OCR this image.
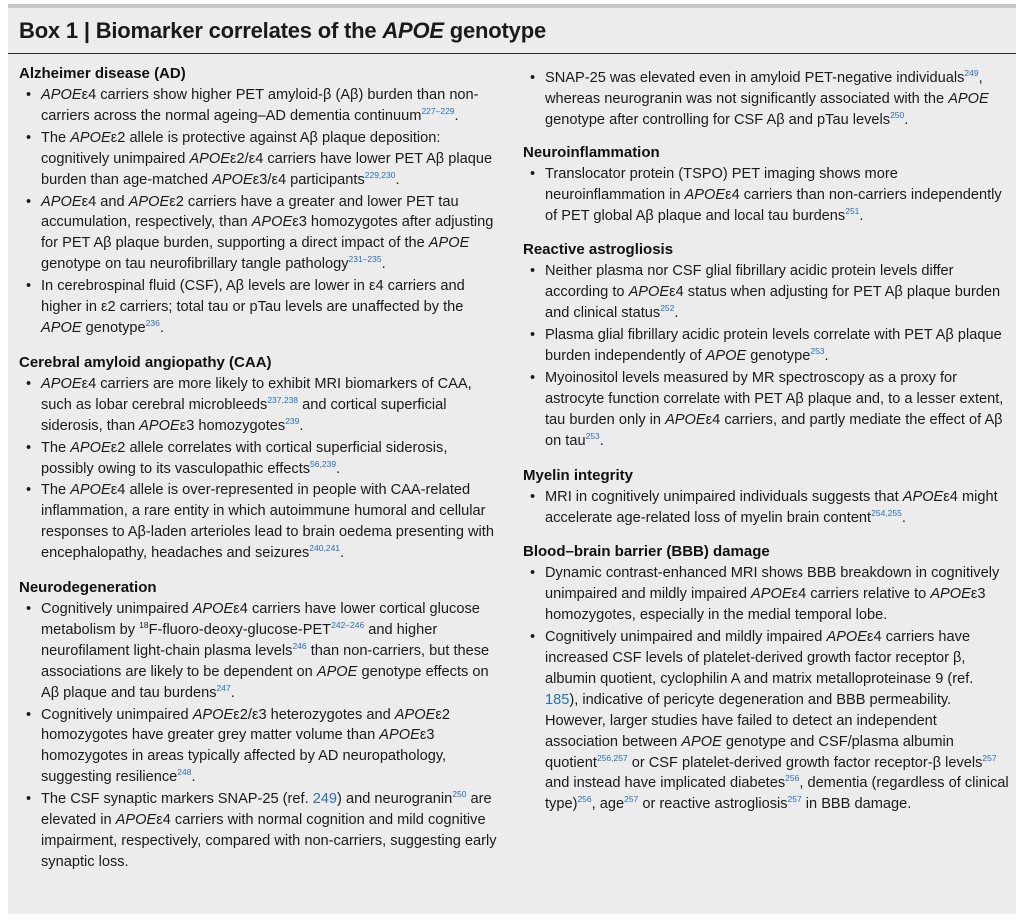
Box 1 | Biomarker correlates of the APOE genotype
Alzheimer disease (AD)
• APOEε4 carriers show higher PET amyloid-β (Aβ) burden than non-carriers across the normal ageing–AD dementia continuum$^{227-229}$.
• The APOEε2 allele is protective against Aβ plaque deposition: cognitively unimpaired APOEε2/ε4 carriers have lower PET Aβ plaque burden than age-matched APOEε3/ε4 participants$^{229,230}$.
• APOEε4 and APOEε2 carriers have a greater and lower PET tau accumulation, respectively, than APOEε3 homozygotes after adjusting for PET Aβ plaque burden, supporting a direct impact of the APOE genotype on tau neurofibrillary tangle pathology$^{231-235}$.
• In cerebrospinal fluid (CSF), Aβ levels are lower in ε4 carriers and higher in ε2 carriers; total tau or pTau levels are unaffected by the APOE genotype$^{236}$.
Cerebral amyloid angiopathy (CAA)
• APOEε4 carriers are more likely to exhibit MRI biomarkers of CAA, such as lobar cerebral microbleeds$^{237,238}$ and cortical superficial siderosis, than APOEε3 homozygotes$^{239}$.
• The APOEε2 allele correlates with cortical superficial siderosis, possibly owing to its vasculopathic effects$^{56,239}$.
• The APOEε4 allele is over-represented in people with CAA-related inflammation, a rare entity in which autoimmune humoral and cellular responses to Aβ-laden arterioles lead to brain oedema presenting with encephalopathy, headaches and seizures$^{240,241}$.
Neurodegeneration
• Cognitively unimpaired APOEε4 carriers have lower cortical glucose metabolism by $^{18}$F-fluoro-deoxy-glucose-PET$^{242-246}$ and higher neurofilament light-chain plasma levels$^{246}$ than non-carriers, but these associations are likely to be dependent on APOE genotype effects on Aβ plaque and tau burdens$^{247}$.
• Cognitively unimpaired APOEε2/ε3 heterozygotes and APOEε2 homozygotes have greater grey matter volume than APOEε3 homozygotes in areas typically affected by AD neuropathology, suggesting resilience$^{248}$.
• The CSF synaptic markers SNAP-25 (ref. 249) and neurogranin$^{250}$ are elevated in APOEε4 carriers with normal cognition and mild cognitive impairment, respectively, compared with non-carriers, suggesting early synaptic loss.
• SNAP-25 was elevated even in amyloid PET-negative individuals$^{249}$, whereas neurogranin was not significantly associated with the APOE genotype after controlling for CSF Aβ and pTau levels$^{250}$.
Neuroinflammation
• Translocator protein (TSPO) PET imaging shows more neuroinflammation in APOEε4 carriers than non-carriers independently of PET global Aβ plaque and local tau burdens$^{251}$.
Reactive astrogliosis
• Neither plasma nor CSF glial fibrillary acidic protein levels differ according to APOEε4 status when adjusting for PET Aβ plaque burden and clinical status$^{252}$.
• Plasma glial fibrillary acidic protein levels correlate with PET Aβ plaque burden independently of APOE genotype$^{253}$.
• Myoinositol levels measured by MR spectroscopy as a proxy for astrocyte function correlate with PET Aβ plaque and, to a lesser extent, tau burden only in APOEε4 carriers, and partly mediate the effect of Aβ on tau$^{253}$.
Myelin integrity
• MRI in cognitively unimpaired individuals suggests that APOEε4 might accelerate age-related loss of myelin brain content$^{254,255}$.
Blood–brain barrier (BBB) damage
• Dynamic contrast-enhanced MRI shows BBB breakdown in cognitively unimpaired and mildly impaired APOEε4 carriers relative to APOEε3 homozygotes, especially in the medial temporal lobe.
• Cognitively unimpaired and mildly impaired APOEε4 carriers have increased CSF levels of platelet-derived growth factor receptor β, albumin quotient, cyclophilin A and matrix metalloproteinase 9 (ref. 185), indicative of pericyte degeneration and BBB permeability. However, larger studies have failed to detect an independent association between APOE genotype and CSF/plasma albumin quotient$^{256,257}$ or CSF platelet-derived growth factor receptor-β levels$^{257}$ and instead have implicated diabetes$^{256}$, dementia (regardless of clinical type)$^{256}$, age$^{257}$ or reactive astrogliosis$^{257}$ in BBB damage.
